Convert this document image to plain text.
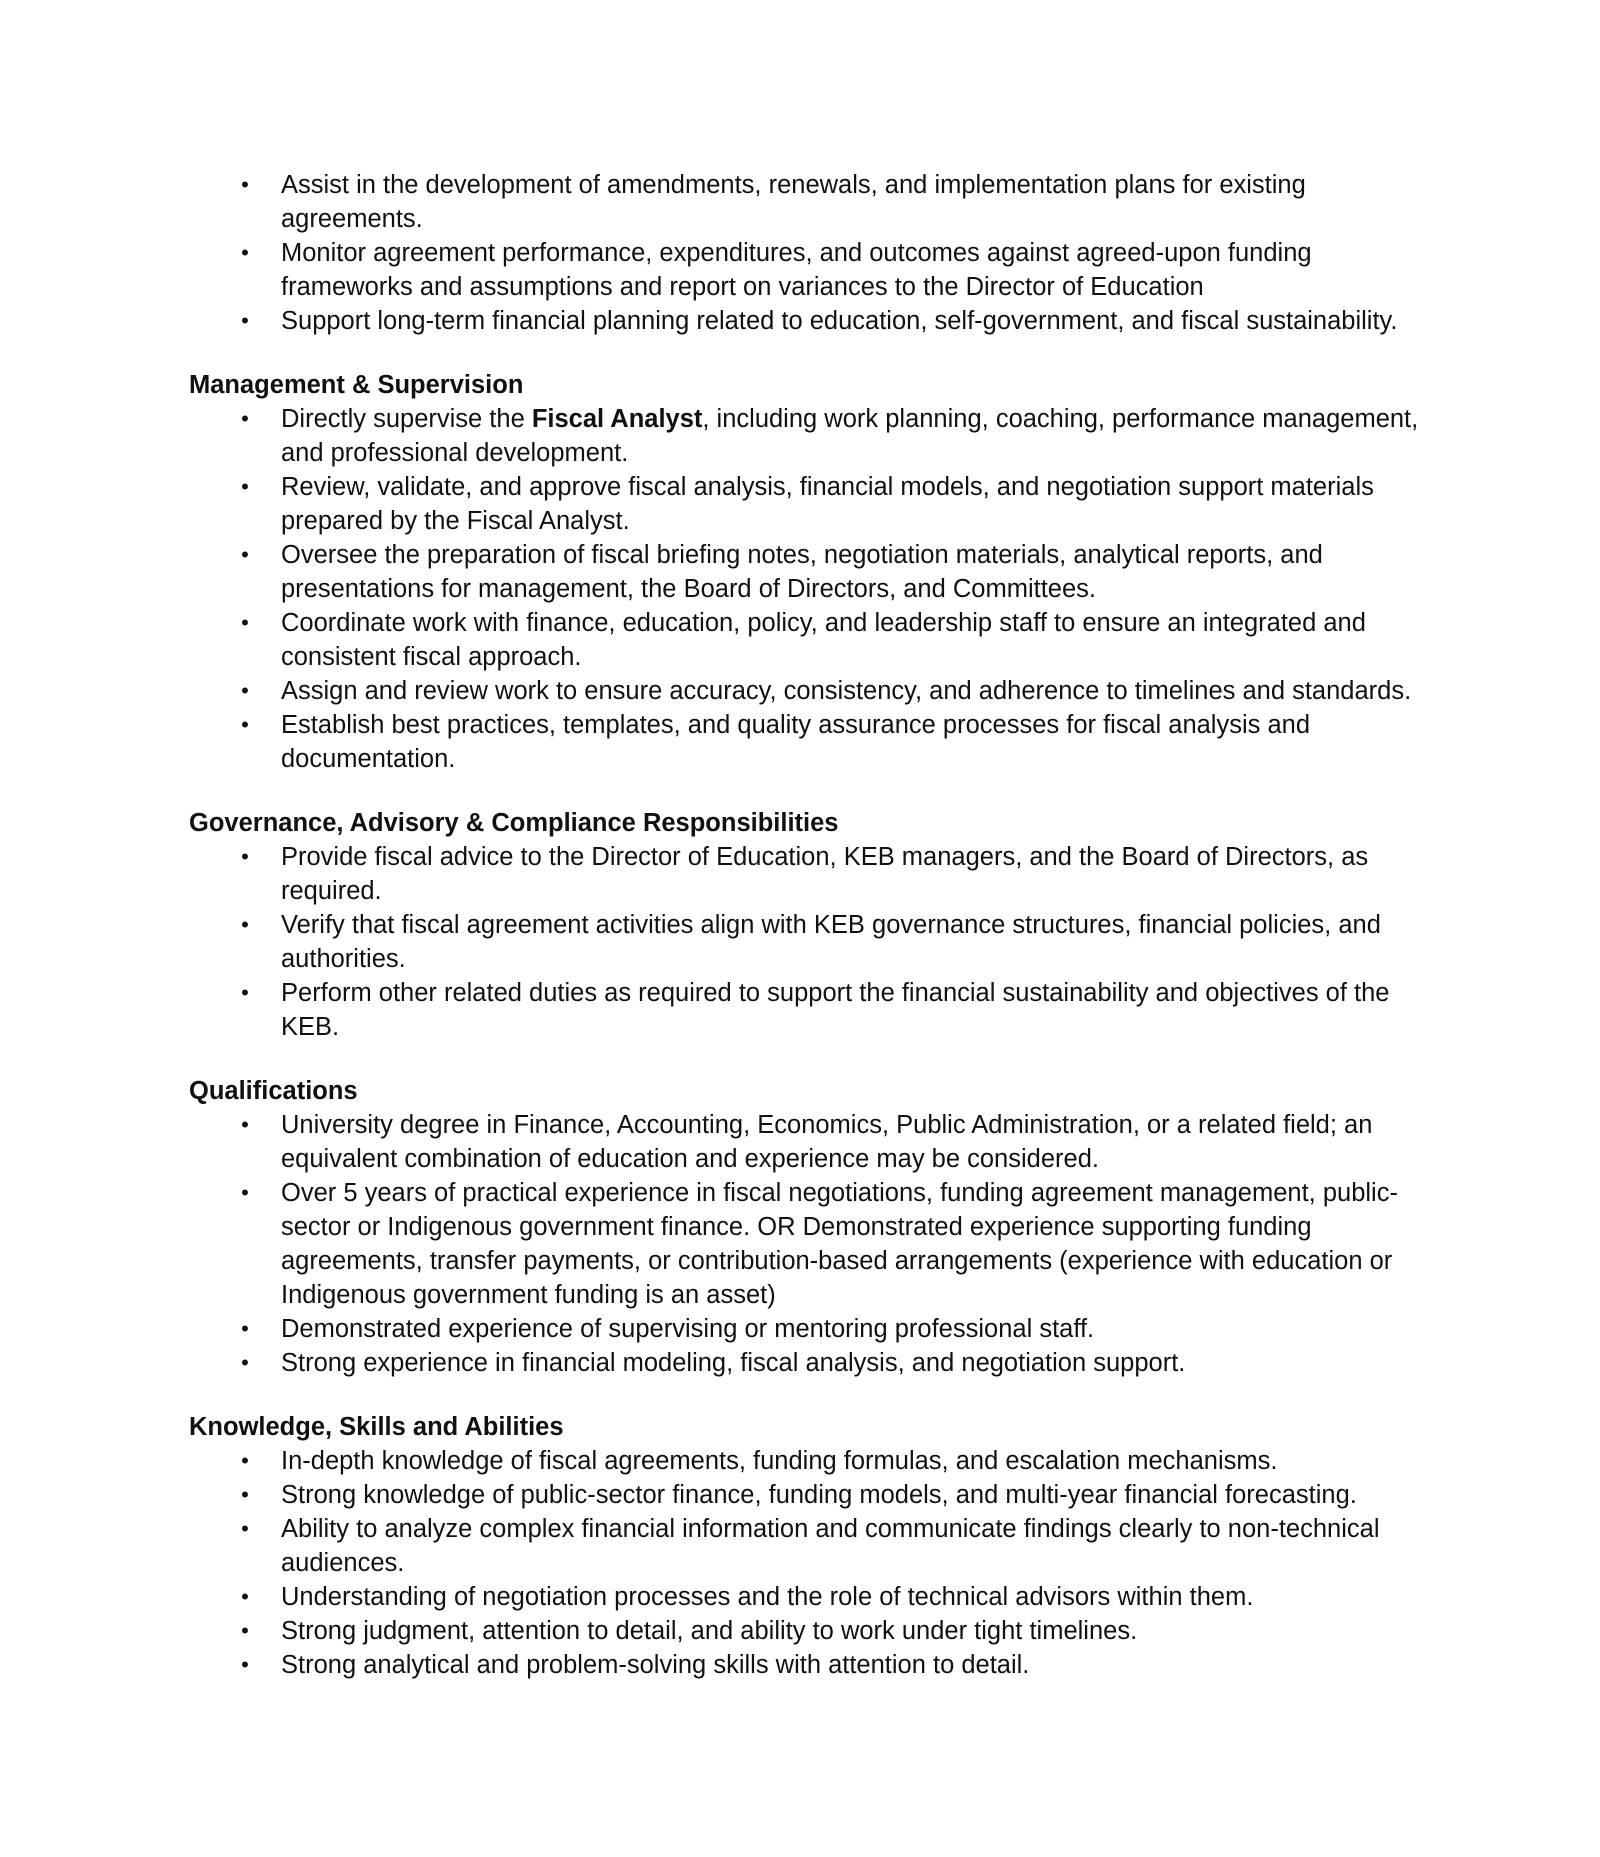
• Assist in the development of amendments, renewals, and implementation plans for existing agreements.
• Monitor agreement performance, expenditures, and outcomes against agreed-upon funding frameworks and assumptions and report on variances to the Director of Education
• Support long-term financial planning related to education, self-government, and fiscal sustainability.
Management & Supervision
• Directly supervise the Fiscal Analyst, including work planning, coaching, performance management, and professional development.
• Review, validate, and approve fiscal analysis, financial models, and negotiation support materials prepared by the Fiscal Analyst.
• Oversee the preparation of fiscal briefing notes, negotiation materials, analytical reports, and presentations for management, the Board of Directors, and Committees.
• Coordinate work with finance, education, policy, and leadership staff to ensure an integrated and consistent fiscal approach.
• Assign and review work to ensure accuracy, consistency, and adherence to timelines and standards.
• Establish best practices, templates, and quality assurance processes for fiscal analysis and documentation.
Governance, Advisory & Compliance Responsibilities
• Provide fiscal advice to the Director of Education, KEB managers, and the Board of Directors, as required.
• Verify that fiscal agreement activities align with KEB governance structures, financial policies, and authorities.
• Perform other related duties as required to support the financial sustainability and objectives of the KEB.
Qualifications
• University degree in Finance, Accounting, Economics, Public Administration, or a related field; an equivalent combination of education and experience may be considered.
• Over 5 years of practical experience in fiscal negotiations, funding agreement management, public-sector or Indigenous government finance. OR Demonstrated experience supporting funding agreements, transfer payments, or contribution-based arrangements (experience with education or Indigenous government funding is an asset)
• Demonstrated experience of supervising or mentoring professional staff.
• Strong experience in financial modeling, fiscal analysis, and negotiation support.
Knowledge, Skills and Abilities
• In-depth knowledge of fiscal agreements, funding formulas, and escalation mechanisms.
• Strong knowledge of public-sector finance, funding models, and multi-year financial forecasting.
• Ability to analyze complex financial information and communicate findings clearly to non-technical audiences.
• Understanding of negotiation processes and the role of technical advisors within them.
• Strong judgment, attention to detail, and ability to work under tight timelines.
• Strong analytical and problem-solving skills with attention to detail.
